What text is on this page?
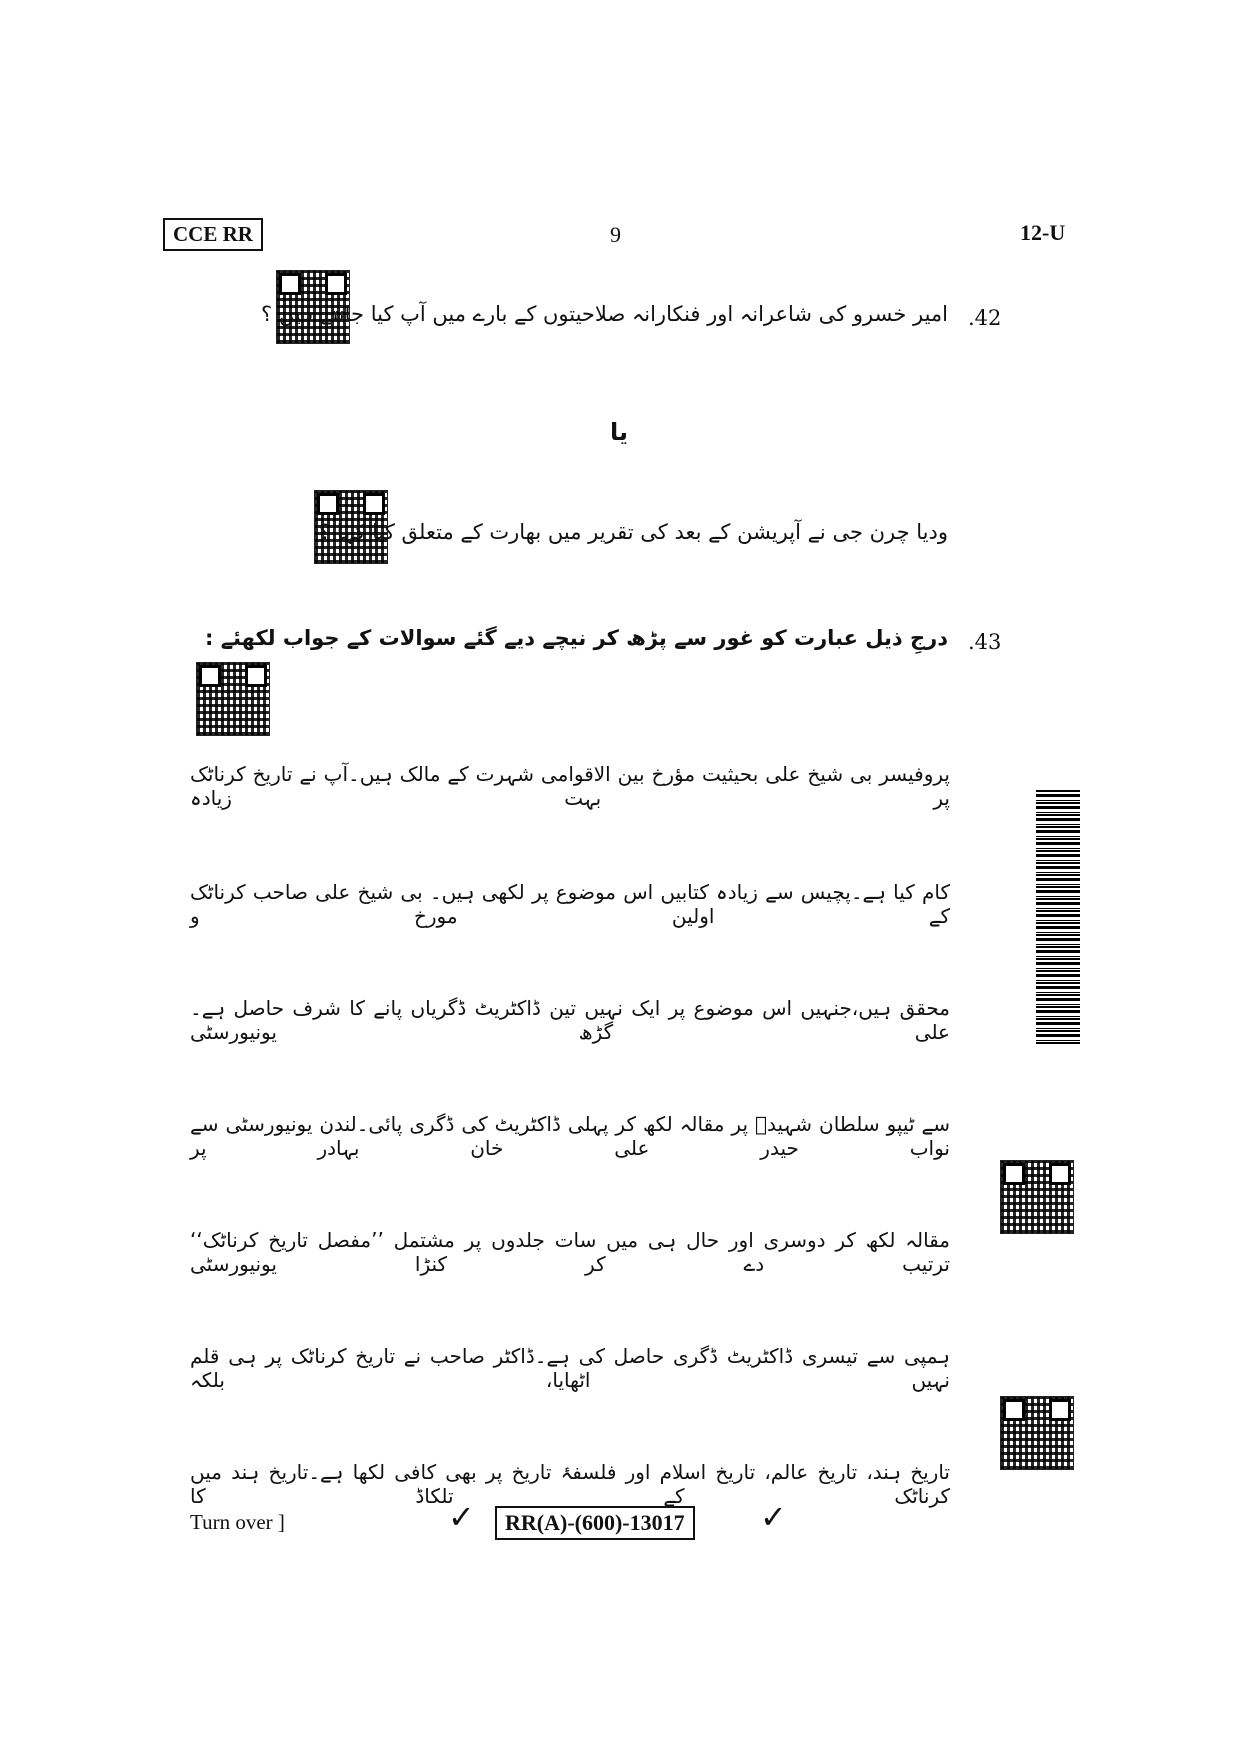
CCE RR	9	12-U
.42
امیر خسرو کی شاعرانہ اور فنکارانہ صلاحیتوں کے بارے میں آپ کیا جانتے ہیں ؟
یا
ودیا چرن جی نے آپریشن کے بعد کی تقریر میں بھارت کے متعلق کیا کہا ؟
.43
درجِ ذیل عبارت کو غور سے پڑھ کر نیچے دیے گئے سوالات کے جواب لکھئے :
پروفیسر بی شیخ علی بحیثیت مؤرخ بین الاقوامی شہرت کے مالک ہیں۔آپ نے تاریخ کرناٹک پر بہت زیادہ
کام کیا ہے۔پچیس سے زیادہ کتابیں اس موضوع پر لکھی ہیں۔ بی شیخ علی صاحب کرناٹک کے اولین مورخ و
محقق ہیں،جنہیں اس موضوع پر ایک نہیں تین ڈاکٹریٹ ڈگریاں پانے کا شرف حاصل ہے۔علی گڑھ یونیورسٹی
سے ٹیپو سلطان شہیدؒ پر مقالہ لکھ کر پہلی ڈاکٹریٹ کی ڈگری پائی۔لندن یونیورسٹی سے نواب حیدر علی خان بہادر پر
مقالہ لکھ کر دوسری اور حال ہی میں سات جلدوں پر مشتمل ’’مفصل تاریخ کرناٹک‘‘ ترتیب دے کر کنڑا یونیورسٹی
ہمپی سے تیسری ڈاکٹریٹ ڈگری حاصل کی ہے۔ڈاکٹر صاحب نے تاریخ کرناٹک پر ہی قلم نہیں اٹھایا، بلکہ
تاریخ ہند، تاریخ عالم، تاریخ اسلام اور فلسفۂ تاریخ پر بھی کافی لکھا ہے۔تاریخ ہند میں کرناٹک کے تلکاڈ کا
Turn over ]	✓	RR(A)-(600)-13017	✓
